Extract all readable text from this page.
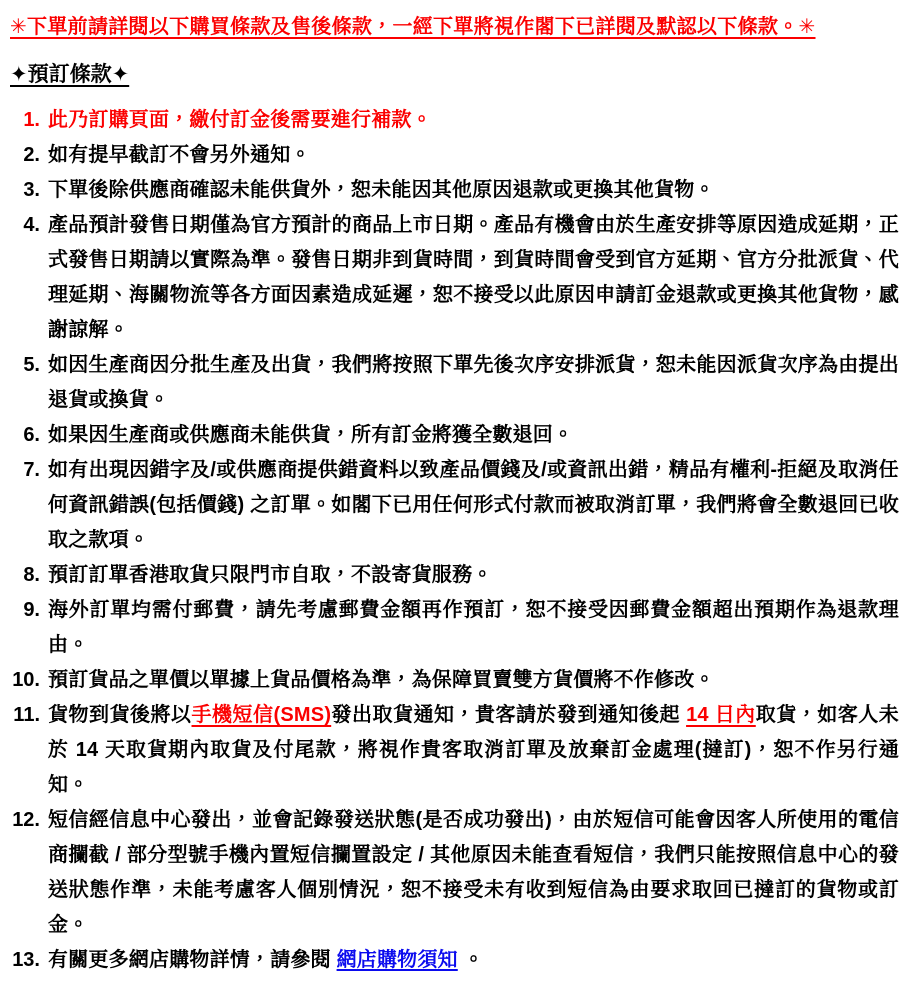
✳下單前請詳閱以下購買條款及售後條款，一經下單將視作閣下已詳閱及默認以下條款。✳
✦預訂條款✦
1. 此乃訂購頁面，繳付訂金後需要進行補款。
2. 如有提早截訂不會另外通知。
3. 下單後除供應商確認未能供貨外，恕未能因其他原因退款或更換其他貨物。
4. 產品預計發售日期僅為官方預計的商品上市日期。產品有機會由於生產安排等原因造成延期，正式發售日期請以實際為準。發售日期非到貨時間，到貨時間會受到官方延期、官方分批派貨、代理延期、海關物流等各方面因素造成延遲，恕不接受以此原因申請訂金退款或更換其他貨物，感謝諒解。
5. 如因生產商因分批生產及出貨，我們將按照下單先後次序安排派貨，恕未能因派貨次序為由提出退貨或換貨。
6. 如果因生產商或供應商未能供貨，所有訂金將獲全數退回。
7. 如有出現因錯字及/或供應商提供錯資料以致產品價錢及/或資訊出錯，精品有權利-拒絕及取消任何資訊錯誤(包括價錢) 之訂單。如閣下已用任何形式付款而被取消訂單，我們將會全數退回已收取之款項。
8. 預訂訂單香港取貨只限門市自取，不設寄貨服務。
9. 海外訂單均需付郵費，請先考慮郵費金額再作預訂，恕不接受因郵費金額超出預期作為退款理由。
10. 預訂貨品之單價以單據上貨品價格為準，為保障買賣雙方貨價將不作修改。
11. 貨物到貨後將以手機短信(SMS)發出取貨通知，貴客請於發到通知後起 14 日內取貨，如客人未於 14 天取貨期內取貨及付尾款，將視作貴客取消訂單及放棄訂金處理(撻訂)，恕不作另行通知。
12. 短信經信息中心發出，並會記錄發送狀態(是否成功發出)，由於短信可能會因客人所使用的電信商攔截 / 部分型號手機內置短信攔置設定 / 其他原因未能查看短信，我們只能按照信息中心的發送狀態作準，未能考慮客人個別情況，恕不接受未有收到短信為由要求取回已撻訂的貨物或訂金。
13. 有關更多網店購物詳情，請參閱 網店購物須知 。
